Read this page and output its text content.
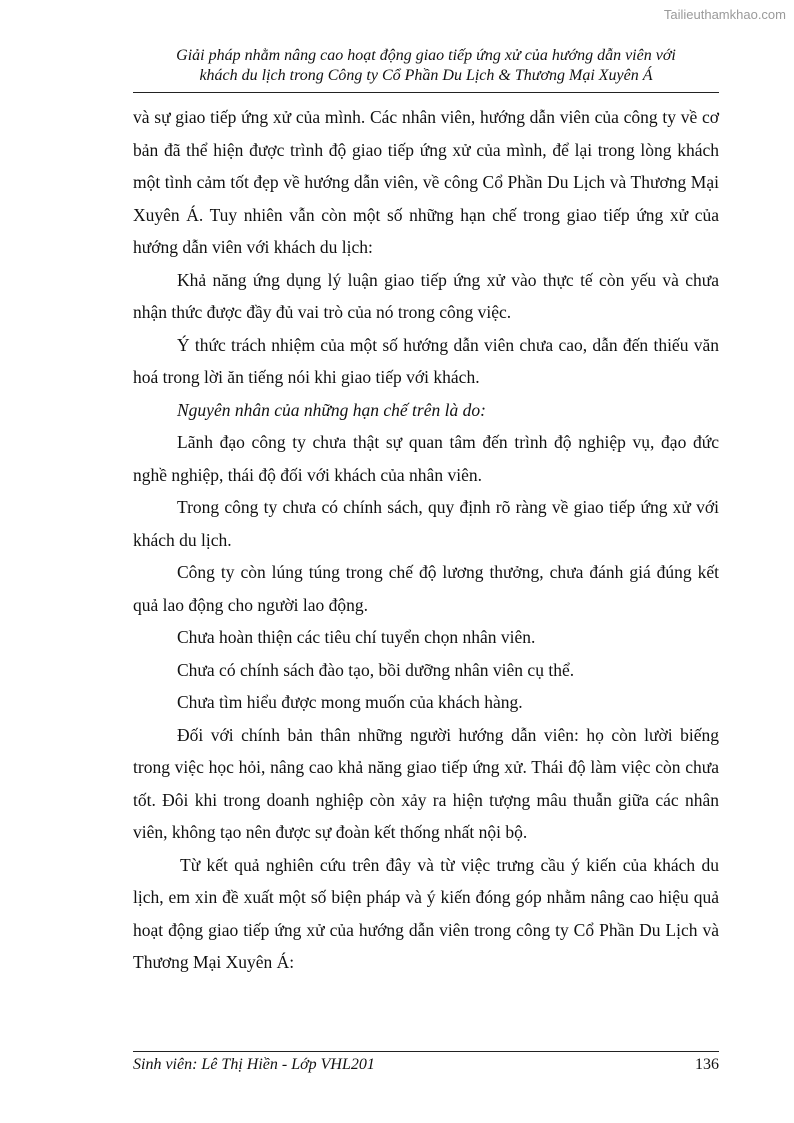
Tailieuthamkhao.com
Giải pháp nhằm nâng cao hoạt động giao tiếp ứng xử của hướng dẫn viên với
khách du lịch trong Công ty Cổ Phần Du Lịch & Thương Mại Xuyên Á

và sự giao tiếp ứng xử của mình. Các nhân viên, hướng dẫn viên của công ty về cơ bản đã thể hiện được trình độ giao tiếp ứng xử của mình, để lại trong lòng khách một tình cảm tốt đẹp về hướng dẫn viên, về công Cổ Phần Du Lịch và Thương Mại Xuyên Á. Tuy nhiên vẫn còn một số những hạn chế trong giao tiếp ứng xử của hướng dẫn viên với khách du lịch:

Khả năng ứng dụng lý luận giao tiếp ứng xử vào thực tế còn yếu và chưa nhận thức được đầy đủ vai trò của nó trong công việc.

Ý thức trách nhiệm của một số hướng dẫn viên chưa cao, dẫn đến thiếu văn hoá trong lời ăn tiếng nói khi giao tiếp với khách.

Nguyên nhân của những hạn chế trên là do:

Lãnh đạo công ty chưa thật sự quan tâm đến trình độ nghiệp vụ, đạo đức nghề nghiệp, thái độ đối với khách của nhân viên.

Trong công ty chưa có chính sách, quy định rõ ràng về giao tiếp ứng xử với khách du lịch.

Công ty còn lúng túng trong chế độ lương thưởng, chưa đánh giá đúng kết quả lao động cho người lao động.

Chưa hoàn thiện các tiêu chí tuyển chọn nhân viên.

Chưa có chính sách đào tạo, bồi dưỡng nhân viên cụ thể.

Chưa tìm hiểu được mong muốn của khách hàng.

Đối với chính bản thân những người hướng dẫn viên: họ còn lười biếng trong việc học hỏi, nâng cao khả năng giao tiếp ứng xử. Thái độ làm việc còn chưa tốt. Đôi khi trong doanh nghiệp còn xảy ra hiện tượng mâu thuẫn giữa các nhân viên, không tạo nên được sự đoàn kết thống nhất nội bộ.

Từ kết quả nghiên cứu trên đây và từ việc trưng cầu ý kiến của khách du lịch, em xin đề xuất một số biện pháp và ý kiến đóng góp nhằm nâng cao hiệu quả hoạt động giao tiếp ứng xử của hướng dẫn viên trong công ty Cổ Phần Du Lịch và Thương Mại Xuyên Á:

Sinh viên: Lê Thị Hiền - Lớp VHL201	136
